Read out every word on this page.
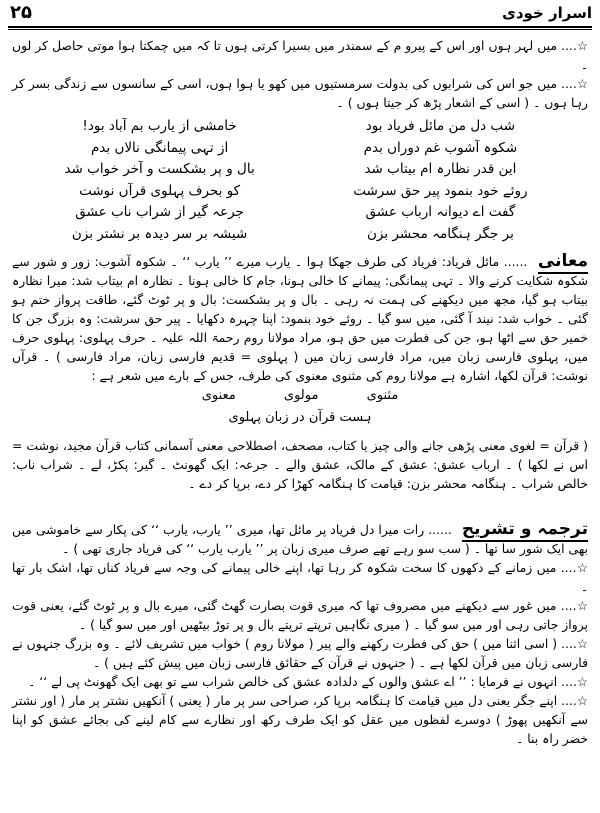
اسرار خودی
۲۵
☆.... میں لہر ہوں اور اس کے پیرو م کے سمندر میں بسیرا کرتی ہوں تا کہ میں چمکتا ہوا موتی حاصل کر لوں ۔
☆.... میں جو اس کی شرابوں کی بدولت سرمستیوں میں کھو یا ہوا ہوں، اسی کے سانسوں سے زندگی بسر کر رہا ہوں ۔ ( اسی کے اشعار پڑھ کر جیتا ہوں ) ۔
شب دل من مائل فریاد بود
خامشی از یارب بم آباد بود!
شکوہ آشوب غم دوراں بدم
از تہی پیمانگی نالاں بدم
این قدر نظارہ ام بیتاب شد
بال و پر بشکست و آخر خواب شد
روئے خود بنمود پیر حق سرشت
کو بحرف پہلوی قرآں نوشت
گفت اے دیوانہ ارباب عشق
جرعہ گیر از شراب ناب عشق
بر جگر ہنگامہ محشر بزن
شیشہ بر سر دیدہ بر نشتر بزن
معانی ...... مائل فریاد: فریاد کی طرف جھکا ہوا ۔ یارب میرے ’’ یارب ‘‘ ۔ شکوہ آشوب: زور و شور سے شکوہ شکایت کرنے والا ۔ تہی پیمانگی: پیمانے کا خالی ہونا، جام کا خالی ہونا ۔ نظارہ ام بیتاب شد: میرا نظارہ بیتاب ہو گیا، مجھ میں دیکھنے کی ہمت نہ رہی ۔ بال و پر بشکست: بال و پر ٹوٹ گئے، طاقت پرواز ختم ہو گئی ۔ خواب شد: نیند آ گئی، میں سو گیا ۔ روئے خود بنمود: اپنا چہرہ دکھایا ۔ پیر حق سرشت: وہ بزرگ جن کا خمیر حق سے اٹھا ہو، جن کی فطرت میں حق ہو، مراد مولانا روم رحمۃ اللہ علیہ ۔ حرف پہلوی: پہلوی حرف میں، پہلوی فارسی زبان میں، مراد فارسی زبان میں ( پہلوی = قدیم فارسی زبان، مراد فارسی ) ۔ قرآں نوشت: قرآن لکھا، اشارہ ہے مولانا روم کی مثنوی معنوی کی طرف، جس کے بارے میں شعر ہے :
مثنوی مولوی معنوی
ہست قرآن در زبان پہلوی
( قرآن = لغوی معنی پڑھی جانے والی چیز یا کتاب، مصحف، اصطلاحی معنی آسمانی کتاب قرآن مجید، نوشت = اس نے لکھا ) ۔ ارباب عشق: عشق کے مالک، عشق والے ۔ جرعہ: ایک گھونٹ ۔ گیر: پکڑ، لے ۔ شراب ناب: خالص شراب ۔ ہنگامہ محشر بزن: قیامت کا ہنگامہ کھڑا کر دے، برپا کر دے ۔
ترجمہ و تشریح ...... رات میرا دل فریاد پر مائل تھا، میری ’’ یارب، یارب ‘‘ کی پکار سے خاموشی میں بھی ایک شور سا تھا ۔ ( سب سو رہے تھے صرف میری زبان پر ’’ یارب یارب ‘‘ کی فریاد جاری تھی ) ۔
☆.... میں زمانے کے دکھوں کا سخت شکوہ کر رہا تھا، اپنے خالی پیمانے کی وجہ سے فریاد کناں تھا، اشک بار تھا ۔
☆.... میں غور سے دیکھنے میں مصروف تھا کہ میری قوت بصارت گھٹ گئی، میرے بال و پر ٹوٹ گئے، یعنی قوت پرواز جاتی رہی اور میں سو گیا ۔ ( میری نگاہیں ترپتے ترپتے بال و پر توڑ بیٹھیں اور میں سو گیا ) ۔
☆.... ( اسی اثنا میں ) حق کی فطرت رکھنے والے پیر ( مولانا روم ) خواب میں تشریف لائے ۔ وہ بزرگ جنہوں نے فارسی زبان میں قرآن لکھا ہے ۔ ( جنہوں نے قرآن کے حقائق فارسی زبان میں پیش کئے ہیں ) ۔
☆.... انہوں نے فرمایا : ’’ اے عشق والوں کے دلدادہ عشق کی خالص شراب سے تو بھی ایک گھونٹ پی لے ‘‘ ۔
☆.... اپنے جگر یعنی دل میں قیامت کا ہنگامہ برپا کر، صراحی سر پر مار ( یعنی ) آنکھیں نشتر پر مار ( اور نشتر سے آنکھیں پھوڑ ) دوسرے لفظوں میں عقل کو ایک طرف رکھ اور نظارے سے کام لینے کی بجائے عشق کو اپنا خضر راہ بنا ۔
